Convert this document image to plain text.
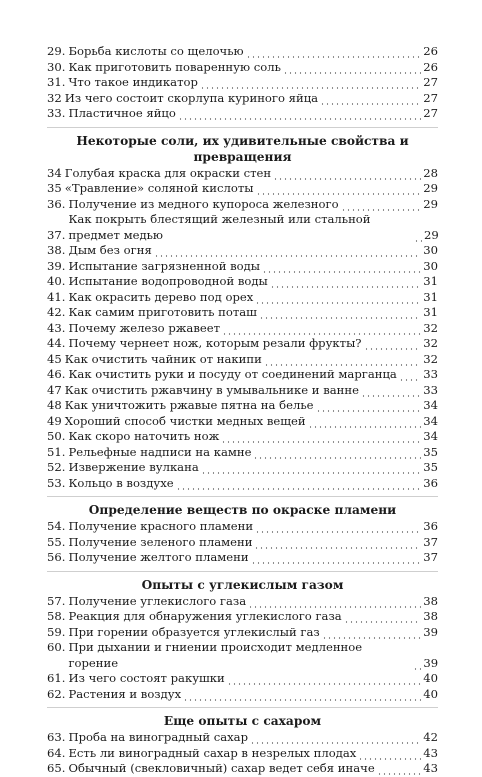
29. Борьба кислоты со щелочью	26
30. Как приготовить поваренную соль	26
31. Что такое индикатор	27
32 Из чего состоит скорлупа куриного яйца	27
33. Пластичное яйцо	27
Некоторые соли, их удивительные свойства и превращения
34 Голубая краска для окраски стен	28
35 «Травление» соляной кислоты	29
36. Получение из медного купороса железного	29
37.
Как покрыть блестящий железный или стальной предмет медью	29
38. Дым без огня	30
39. Испытание загрязненной воды	30
40. Испытание водопроводной воды	31
41. Как окрасить дерево под орех	31
42. Как самим приготовить поташ	31
43. Почему железо ржавеет	32
44. Почему чернеет нож, которым резали фрукты?	32
45 Как очистить чайник от накипи	32
46. Как очистить руки и посуду от соединений марганца 33
47 Как очистить ржавчину в умывальнике и ванне	33
48 Как уничтожить ржавые пятна на белье	34
49 Хороший способ чистки медных вещей	34
50. Как скоро наточить нож	34
51. Рельефные надписи на камне	35
52. Извержение вулкана	35
53. Кольцо в воздухе	36
Определение веществ по окраске пламени
54. Получение красного пламени	36
55. Получение зеленого пламени	37
56. Получение желтого пламени	37
Опыты с углекислым газом
57. Получение углекислого газа	38
58. Реакция для обнаружения углекислого газа	38
59. При горении образуется углекислый газ	39
60. При дыхании и гниении происходит медленное горение	39
61. Из чего состоят ракушки	40
62. Растения и воздух	40
Еще опыты с сахаром
63. Проба на виноградный сахар	42
64. Есть ли виноградный сахар в незрелых плодах	43
65. Обычный (свекловичный) сахар ведет себя иначе	43
